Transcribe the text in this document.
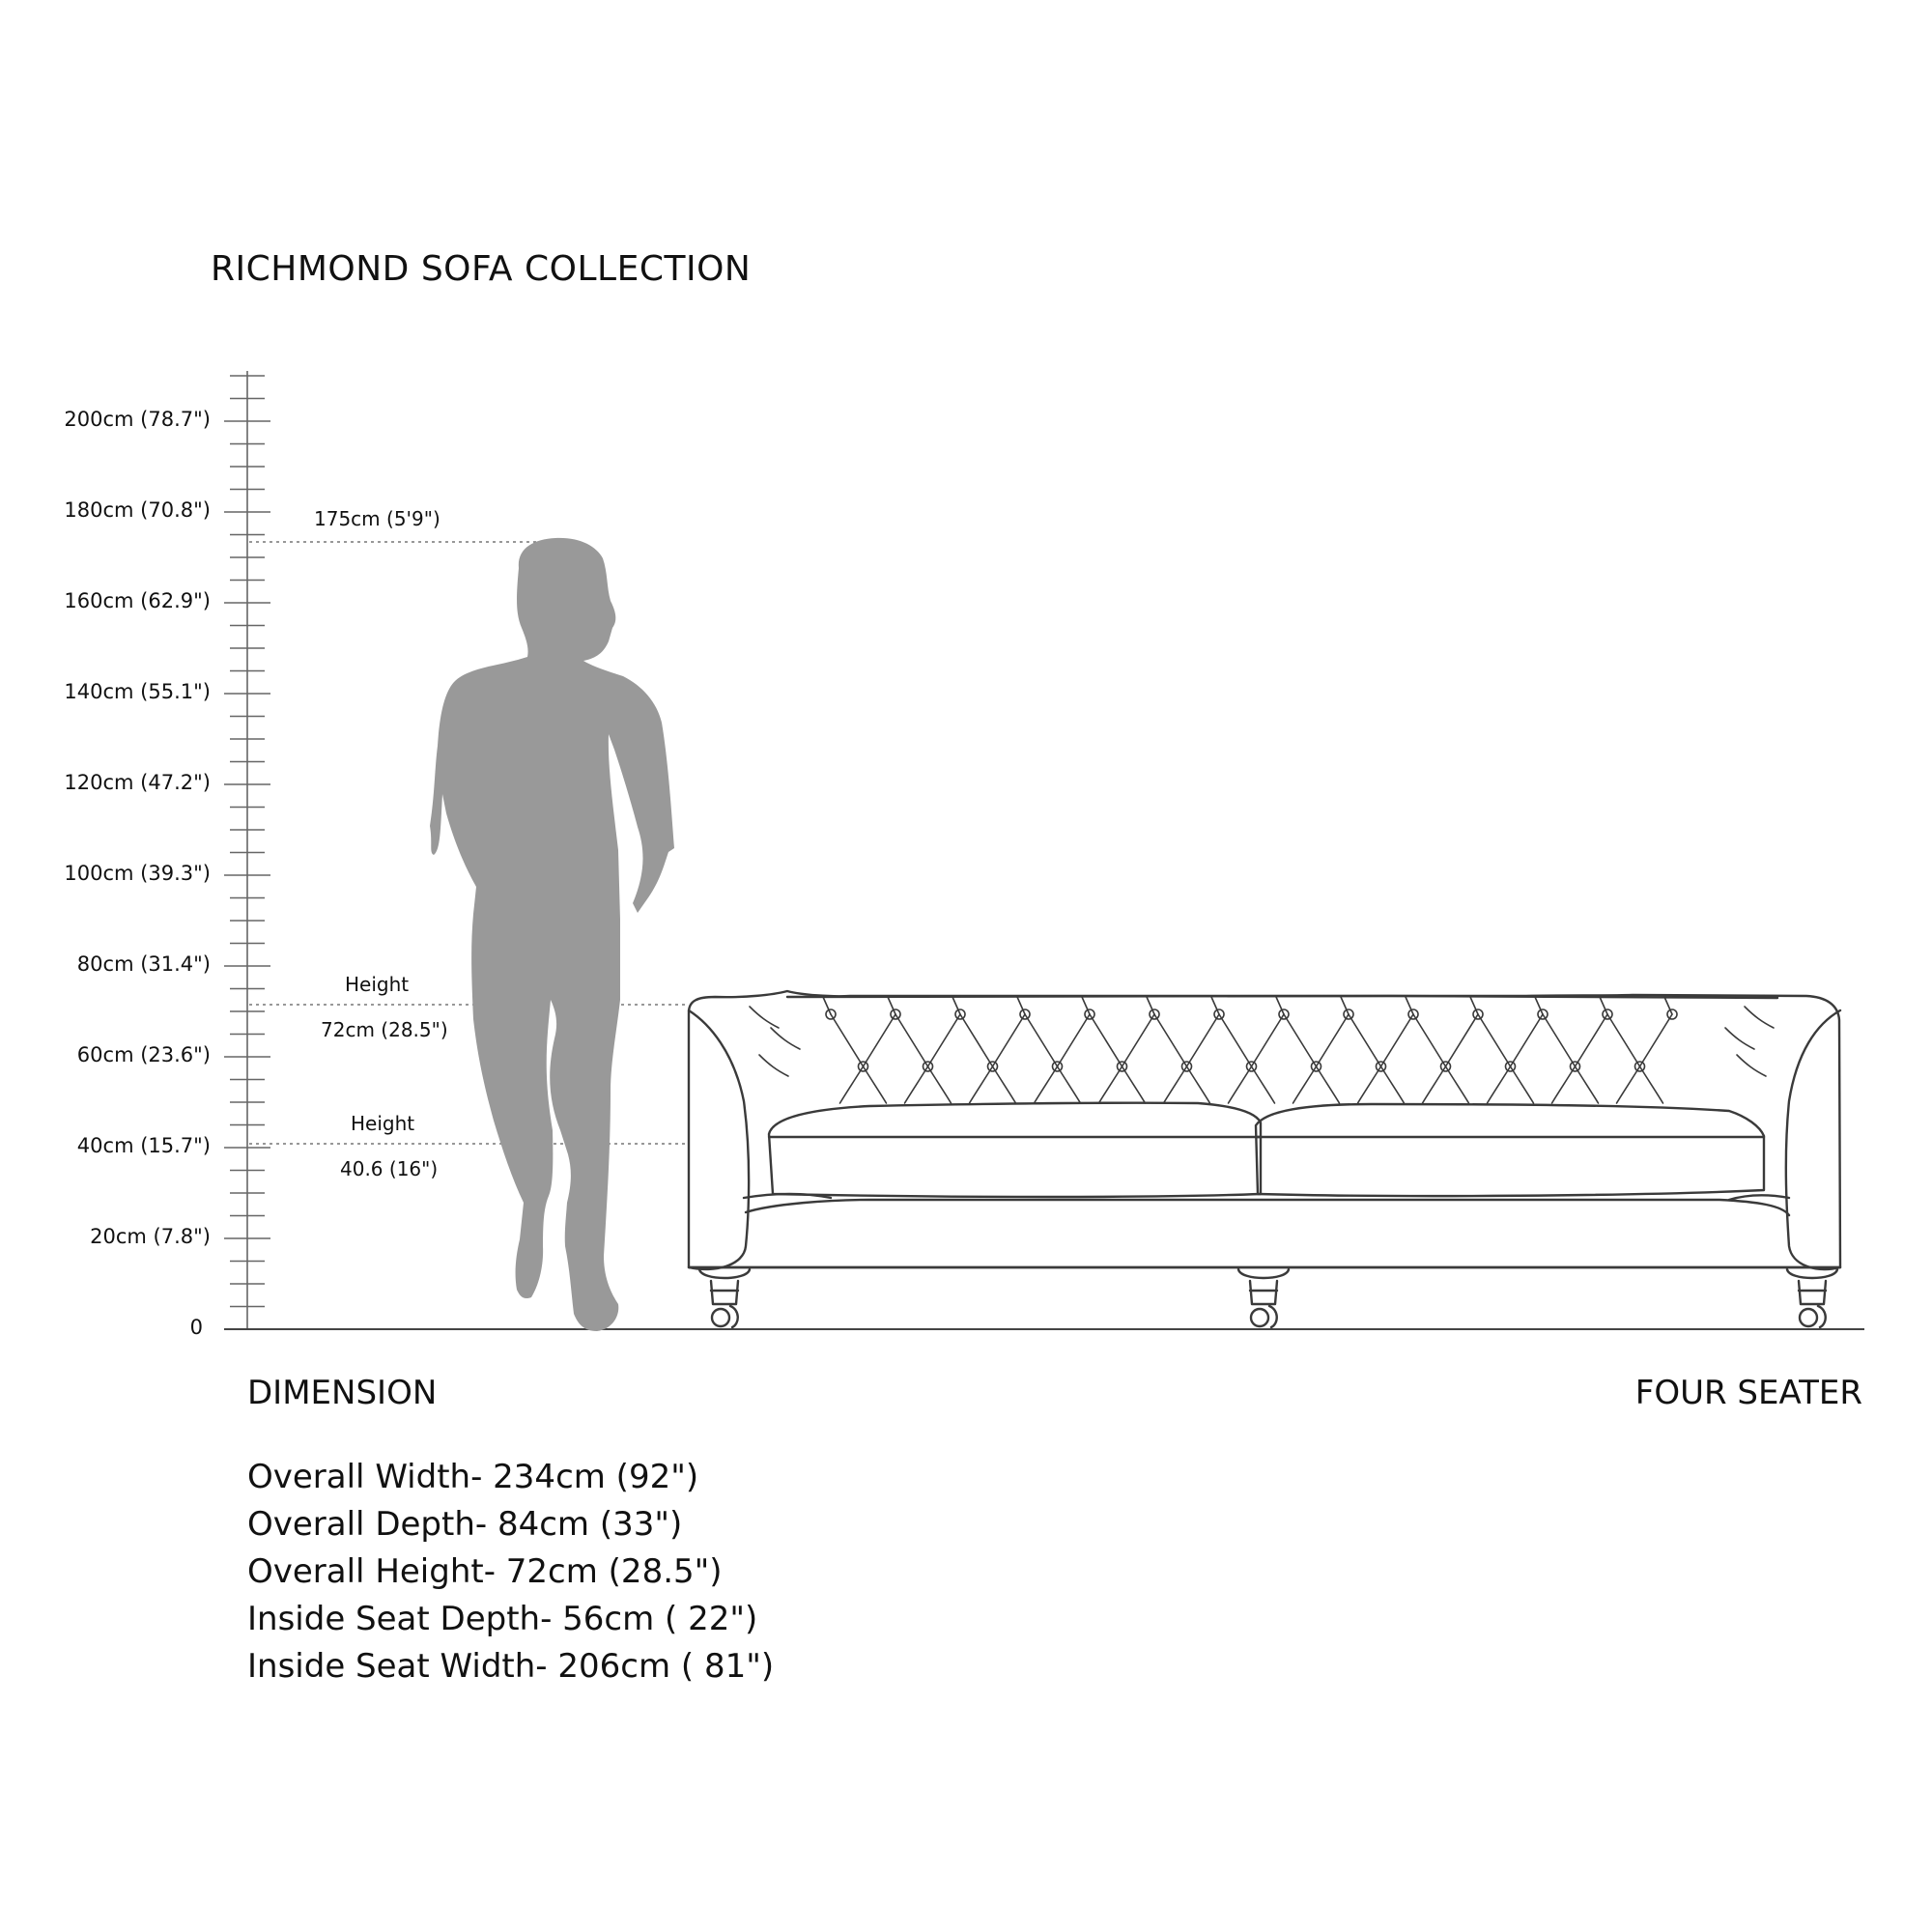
RICHMOND SOFA COLLECTION
200cm (78.7")
180cm (70.8")
160cm (62.9")
140cm (55.1")
120cm (47.2")
100cm (39.3")
80cm (31.4")
60cm (23.6")
40cm (15.7")
20cm (7.8")
0
175cm (5'9")
Height
72cm (28.5")
Height
40.6 (16")
DIMENSION	FOUR SEATER
Overall Width- 234cm (92")
Overall Depth- 84cm (33")
Overall Height- 72cm (28.5")
Inside Seat Depth- 56cm ( 22")
Inside Seat Width- 206cm ( 81")
